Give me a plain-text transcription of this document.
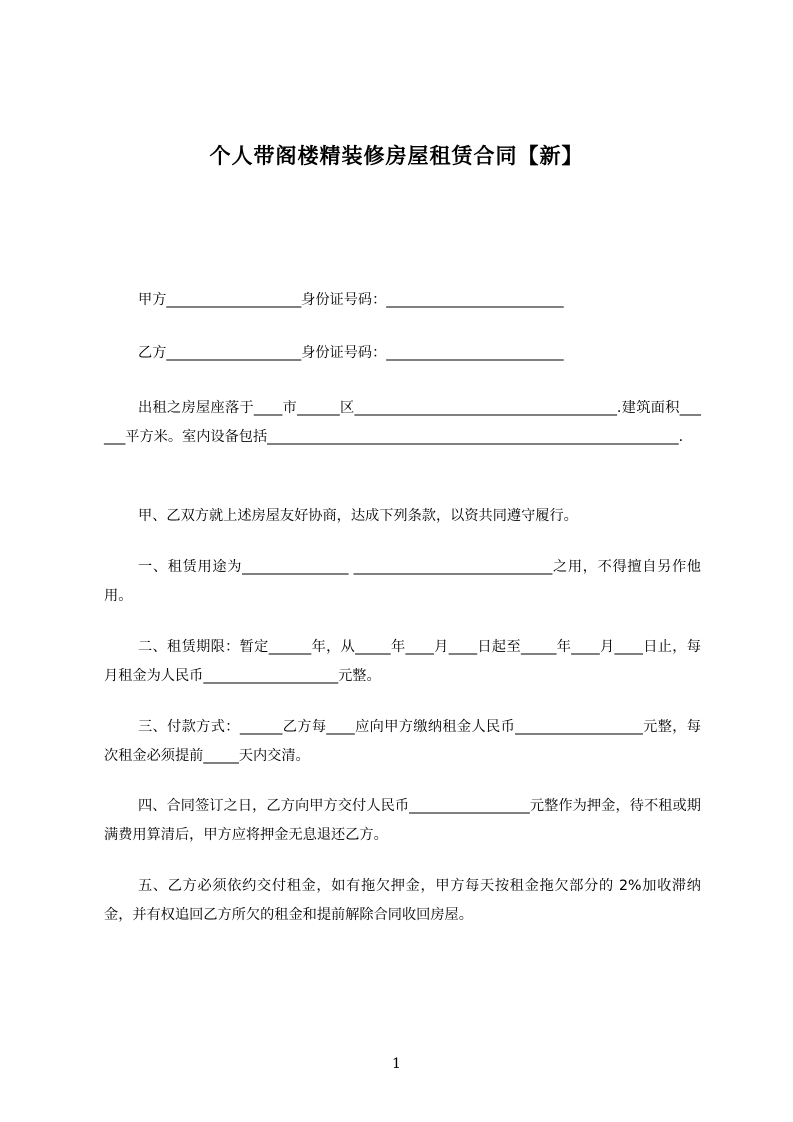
个人带阁楼精装修房屋租赁合同【新】
甲方___________________身份证号码：_________________________
乙方___________________身份证号码：_________________________
出租之房屋座落于____市______区_____________________________________.建筑面积______平方米。室内设备包括__________________________________________________________.
甲、乙双方就上述房屋友好协商，达成下列条款，以资共同遵守履行。
一、租赁用途为_______________ ____________________________之用，不得擅自另作他用。
二、租赁期限：暂定______年，从_____年____月____日起至_____年____月____日止，每月租金为人民币___________________元整。
三、付款方式：______乙方每____应向甲方缴纳租金人民币__________________元整，每次租金必须提前_____天内交清。
四、合同签订之日，乙方向甲方交付人民币_________________元整作为押金，待不租或期满费用算清后，甲方应将押金无息退还乙方。
五、乙方必须依约交付租金，如有拖欠押金，甲方每天按租金拖欠部分的 2%加收滞纳金，并有权追回乙方所欠的租金和提前解除合同收回房屋。
1
